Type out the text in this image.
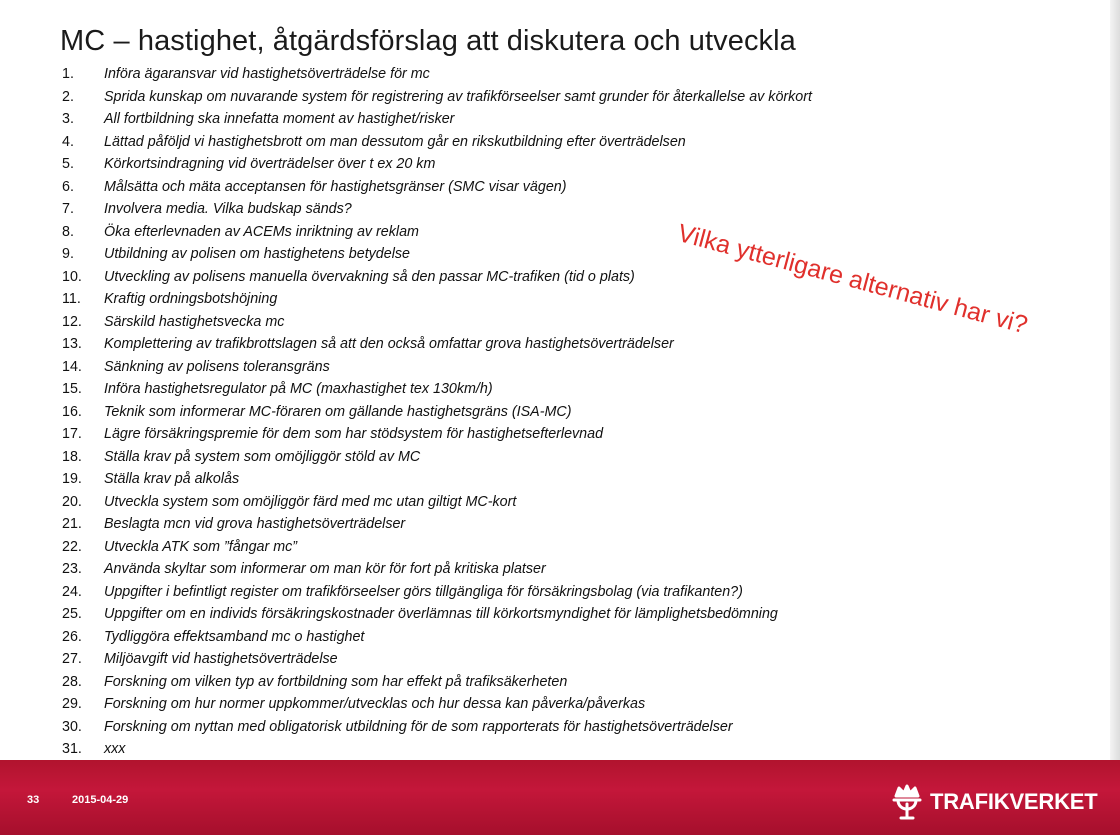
MC – hastighet, åtgärdsförslag att diskutera och utveckla
1.	Införa ägaransvar vid hastighetsöverträdelse för mc
2.	Sprida kunskap om nuvarande system för registrering av trafikförseelser samt grunder för återkallelse av körkort
3.	All fortbildning ska innefatta moment av hastighet/risker
4.	Lättad påföljd vi hastighetsbrott om man dessutom går en rikskutbildning efter överträdelsen
5.	Körkortsindragning vid överträdelser över t ex 20 km
6.	Målsätta och mäta acceptansen för hastighetsgränser (SMC visar vägen)
7.	Involvera media. Vilka budskap sänds?
8.	Öka efterlevnaden av ACEMs inriktning av reklam
9.	Utbildning av polisen om hastighetens betydelse
10.	Utveckling av polisens manuella övervakning så den passar MC-trafiken (tid o plats)
11.	Kraftig ordningsbotshöjning
12.	Särskild hastighetsvecka mc
13.	Komplettering av trafikbrottslagen så att den också omfattar grova hastighetsöverträdelser
14.	Sänkning av polisens toleransgräns
15.	Införa hastighetsregulator på MC (maxhastighet tex 130km/h)
16.	Teknik som informerar MC-föraren om gällande hastighetsgräns (ISA-MC)
17.	Lägre försäkringspremie för dem som har stödsystem för hastighetsefterlevnad
18.	Ställa krav på system som omöjliggör stöld av MC
19.	Ställa krav på alkolås
20.	Utveckla system som omöjliggör färd med mc utan giltigt MC-kort
21.	Beslagta mcn vid grova hastighetsöverträdelser
22.	Utveckla ATK som ”fångar mc”
23.	Använda skyltar som informerar om man kör för fort på kritiska platser
24.	Uppgifter i befintligt register om trafikförseelser görs tillgängliga för försäkringsbolag (via trafikanten?)
25.	Uppgifter om en individs försäkringskostnader överlämnas till körkortsmyndighet för lämplighetsbedömning
26.	Tydliggöra effektsamband mc o hastighet
27.	Miljöavgift vid hastighetsöverträdelse
28.	Forskning om vilken typ av fortbildning som har effekt på trafiksäkerheten
29.	Forskning om hur normer uppkommer/utvecklas och hur dessa kan påverka/påverkas
30.	Forskning om nyttan med obligatorisk utbildning för de som rapporterats för hastighetsöverträdelser
31.	xxx
Vilka ytterligare alternativ har vi?
33	2015-04-29	TRAFIKVERKET
